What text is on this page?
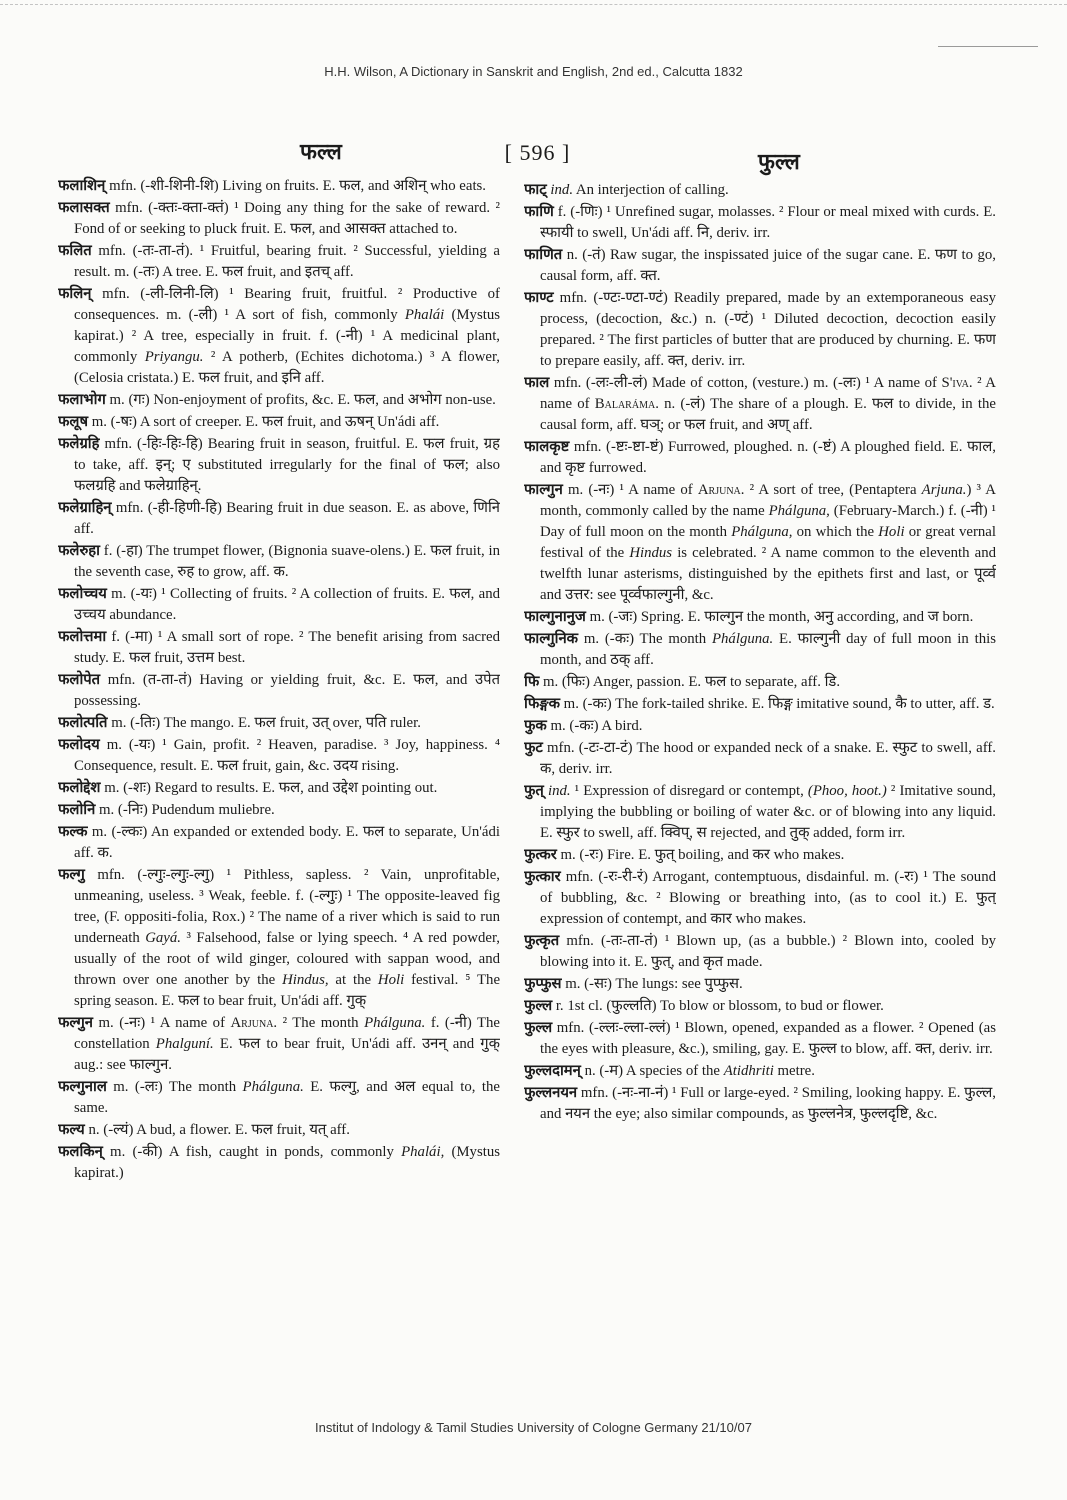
H.H. Wilson, A Dictionary in Sanskrit and English, 2nd ed., Calcutta 1832
फल्ल	[ 596 ]	फुल्ल

फलाशिन् mfn. (-शी-शिनी-शि) Living on fruits. E. फल, and अशिन् who eats.

फलासक्त mfn. (-क्तः-क्ता-क्तं) ¹ Doing any thing for the sake of reward. ² Fond of or seeking to pluck fruit. E. फल, and आसक्त attached to.

फलित mfn. (-तः-ता-तं). ¹ Fruitful, bearing fruit. ² Successful, yielding a result. m. (-तः) A tree. E. फल fruit, and इतच् aff.

फलिन् mfn. (-ली-लिनी-लि) ¹ Bearing fruit, fruitful. ² Productive of consequences. m. (-ली) ¹ A sort of fish, commonly Phalái (Mystus kapirat.) ² A tree, especially in fruit. f. (-नी) ¹ A medicinal plant, commonly Priyangu. ² A potherb, (Echites dichotoma.) ³ A flower, (Celosia cristata.) E. फल fruit, and इनि aff.

फलाभोग m. (गः) Non-enjoyment of profits, &c. E. फल, and अभोग non-use.

फलूष m. (-षः) A sort of creeper. E. फल fruit, and ऊषन् Un'ádi aff.

फलेग्रहि mfn. (-हिः-हिः-हि) Bearing fruit in season, fruitful. E. फल fruit, ग्रह to take, aff. इन्; ए substituted irregularly for the final of फल; also फलग्रहि and फलेग्राहिन्.

फलेग्राहिन् mfn. (-ही-हिणी-हि) Bearing fruit in due season. E. as above, णिनि aff.

फलेरुहा f. (-हा) The trumpet flower, (Bignonia suave-olens.) E. फल fruit, in the seventh case, रुह to grow, aff. क.

फलोच्चय m. (-यः) ¹ Collecting of fruits. ² A collection of fruits. E. फल, and उच्चय abundance.

फलोत्तमा f. (-मा) ¹ A small sort of rope. ² The benefit arising from sacred study. E. फल fruit, उत्तम best.

फलोपेत mfn. (त-ता-तं) Having or yielding fruit, &c. E. फल, and उपेत possessing.

फलोत्पति m. (-तिः) The mango. E. फल fruit, उत् over, पति ruler.

फलोदय m. (-यः) ¹ Gain, profit. ² Heaven, paradise. ³ Joy, happiness. ⁴ Consequence, result. E. फल fruit, gain, &c. उदय rising.

फलोद्देश m. (-शः) Regard to results. E. फल, and उद्देश pointing out.

फलोनि m. (-निः) Pudendum muliebre.

फल्क m. (-ल्कः) An expanded or extended body. E. फल to separate, Un'ádi aff. क.

फल्गु mfn. (-ल्गुः-ल्गुः-ल्गु) ¹ Pithless, sapless. ² Vain, unprofitable, unmeaning, useless. ³ Weak, feeble. f. (-ल्गुः) ¹ The opposite-leaved fig tree, (F. oppositi-folia, Rox.) ² The name of a river which is said to run underneath Gayá. ³ Falsehood, false or lying speech. ⁴ A red powder, usually of the root of wild ginger, coloured with sappan wood, and thrown over one another by the Hindus, at the Holi festival. ⁵ The spring season. E. फल to bear fruit, Un'ádi aff. गुक्

फल्गुन m. (-नः) ¹ A name of Arjuna. ² The month Phálguna. f. (-नी) The constellation Phalguní. E. फल to bear fruit, Un'ádi aff. उनन् and गुक् aug.: see फाल्गुन.

फल्गुनाल m. (-लः) The month Phálguna. E. फल्गु, and अल equal to, the same.

फल्य n. (-ल्यं) A bud, a flower. E. फल fruit, यत् aff.

फलकिन् m. (-की) A fish, caught in ponds, commonly Phalái, (Mystus kapirat.)

फाट् ind. An interjection of calling.

फाणि f. (-णिः) ¹ Unrefined sugar, molasses. ² Flour or meal mixed with curds. E. स्फायी to swell, Un'ádi aff. नि, deriv. irr.

फाणित n. (-तं) Raw sugar, the inspissated juice of the sugar cane. E. फण to go, causal form, aff. क्त.

फाण्ट mfn. (-ण्टः-ण्टा-ण्टं) Readily prepared, made by an extemporaneous easy process, (decoction, &c.) n. (-ण्टं) ¹ Diluted decoction, decoction easily prepared. ² The first particles of butter that are produced by churning. E. फण to prepare easily, aff. क्त, deriv. irr.

फाल mfn. (-लः-ली-लं) Made of cotton, (vesture.) m. (-लः) ¹ A name of S'iva. ² A name of Balaráma. n. (-लं) The share of a plough. E. फल to divide, in the causal form, aff. घञ्; or फल fruit, and अण् aff.

फालकृष्ट mfn. (-ष्टः-ष्टा-ष्टं) Furrowed, ploughed. n. (-ष्टं) A ploughed field. E. फाल, and कृष्ट furrowed.

फाल्गुन m. (-नः) ¹ A name of Arjuna. ² A sort of tree, (Pentaptera Arjuna.) ³ A month, commonly called by the name Phálguna, (February-March.) f. (-नी) ¹ Day of full moon on the month Phálguna, on which the Holi or great vernal festival of the Hindus is celebrated. ² A name common to the eleventh and twelfth lunar asterisms, distinguished by the epithets first and last, or पूर्व्व and उत्तर: see पूर्व्वफाल्गुनी, &c.

फाल्गुनानुज m. (-जः) Spring. E. फाल्गुन the month, अनु according, and ज born.

फाल्गुनिक m. (-कः) The month Phálguna. E. फाल्गुनी day of full moon in this month, and ठक् aff.

फि m. (फिः) Anger, passion. E. फल to separate, aff. डि.

फिङ्गक m. (-कः) The fork-tailed shrike. E. फिङ्ग imitative sound, कै to utter, aff. ड.

फुक m. (-कः) A bird.

फुट mfn. (-टः-टा-टं) The hood or expanded neck of a snake. E. स्फुट to swell, aff. क, deriv. irr.

फुत् ind. ¹ Expression of disregard or contempt, (Phoo, hoot.) ² Imitative sound, implying the bubbling or boiling of water &c. or of blowing into any liquid. E. स्फुर to swell, aff. क्विप्, स rejected, and तुक् added, form irr.

फुत्कर m. (-रः) Fire. E. फुत् boiling, and कर who makes.

फुत्कार mfn. (-रः-री-रं) Arrogant, contemptuous, disdainful. m. (-रः) ¹ The sound of bubbling, &c. ² Blowing or breathing into, (as to cool it.) E. फुत् expression of contempt, and कार who makes.

फुत्कृत mfn. (-तः-ता-तं) ¹ Blown up, (as a bubble.) ² Blown into, cooled by blowing into it. E. फुत्, and कृत made.

फुप्फुस m. (-सः) The lungs: see पुप्फुस.

फुल्ल r. 1st cl. (फुल्लति) To blow or blossom, to bud or flower.

फुल्ल mfn. (-ल्लः-ल्ला-ल्लं) ¹ Blown, opened, expanded as a flower. ² Opened (as the eyes with pleasure, &c.), smiling, gay. E. फुल्ल to blow, aff. क्त, deriv. irr.

फुल्लदामन् n. (-म) A species of the Atidhriti metre.

फुल्लनयन mfn. (-नः-ना-नं) ¹ Full or large-eyed. ² Smiling, looking happy. E. फुल्ल, and नयन the eye; also similar compounds, as फुल्लनेत्र, फुल्लदृष्टि, &c.

Institut of Indology & Tamil Studies University of Cologne Germany 21/10/07
